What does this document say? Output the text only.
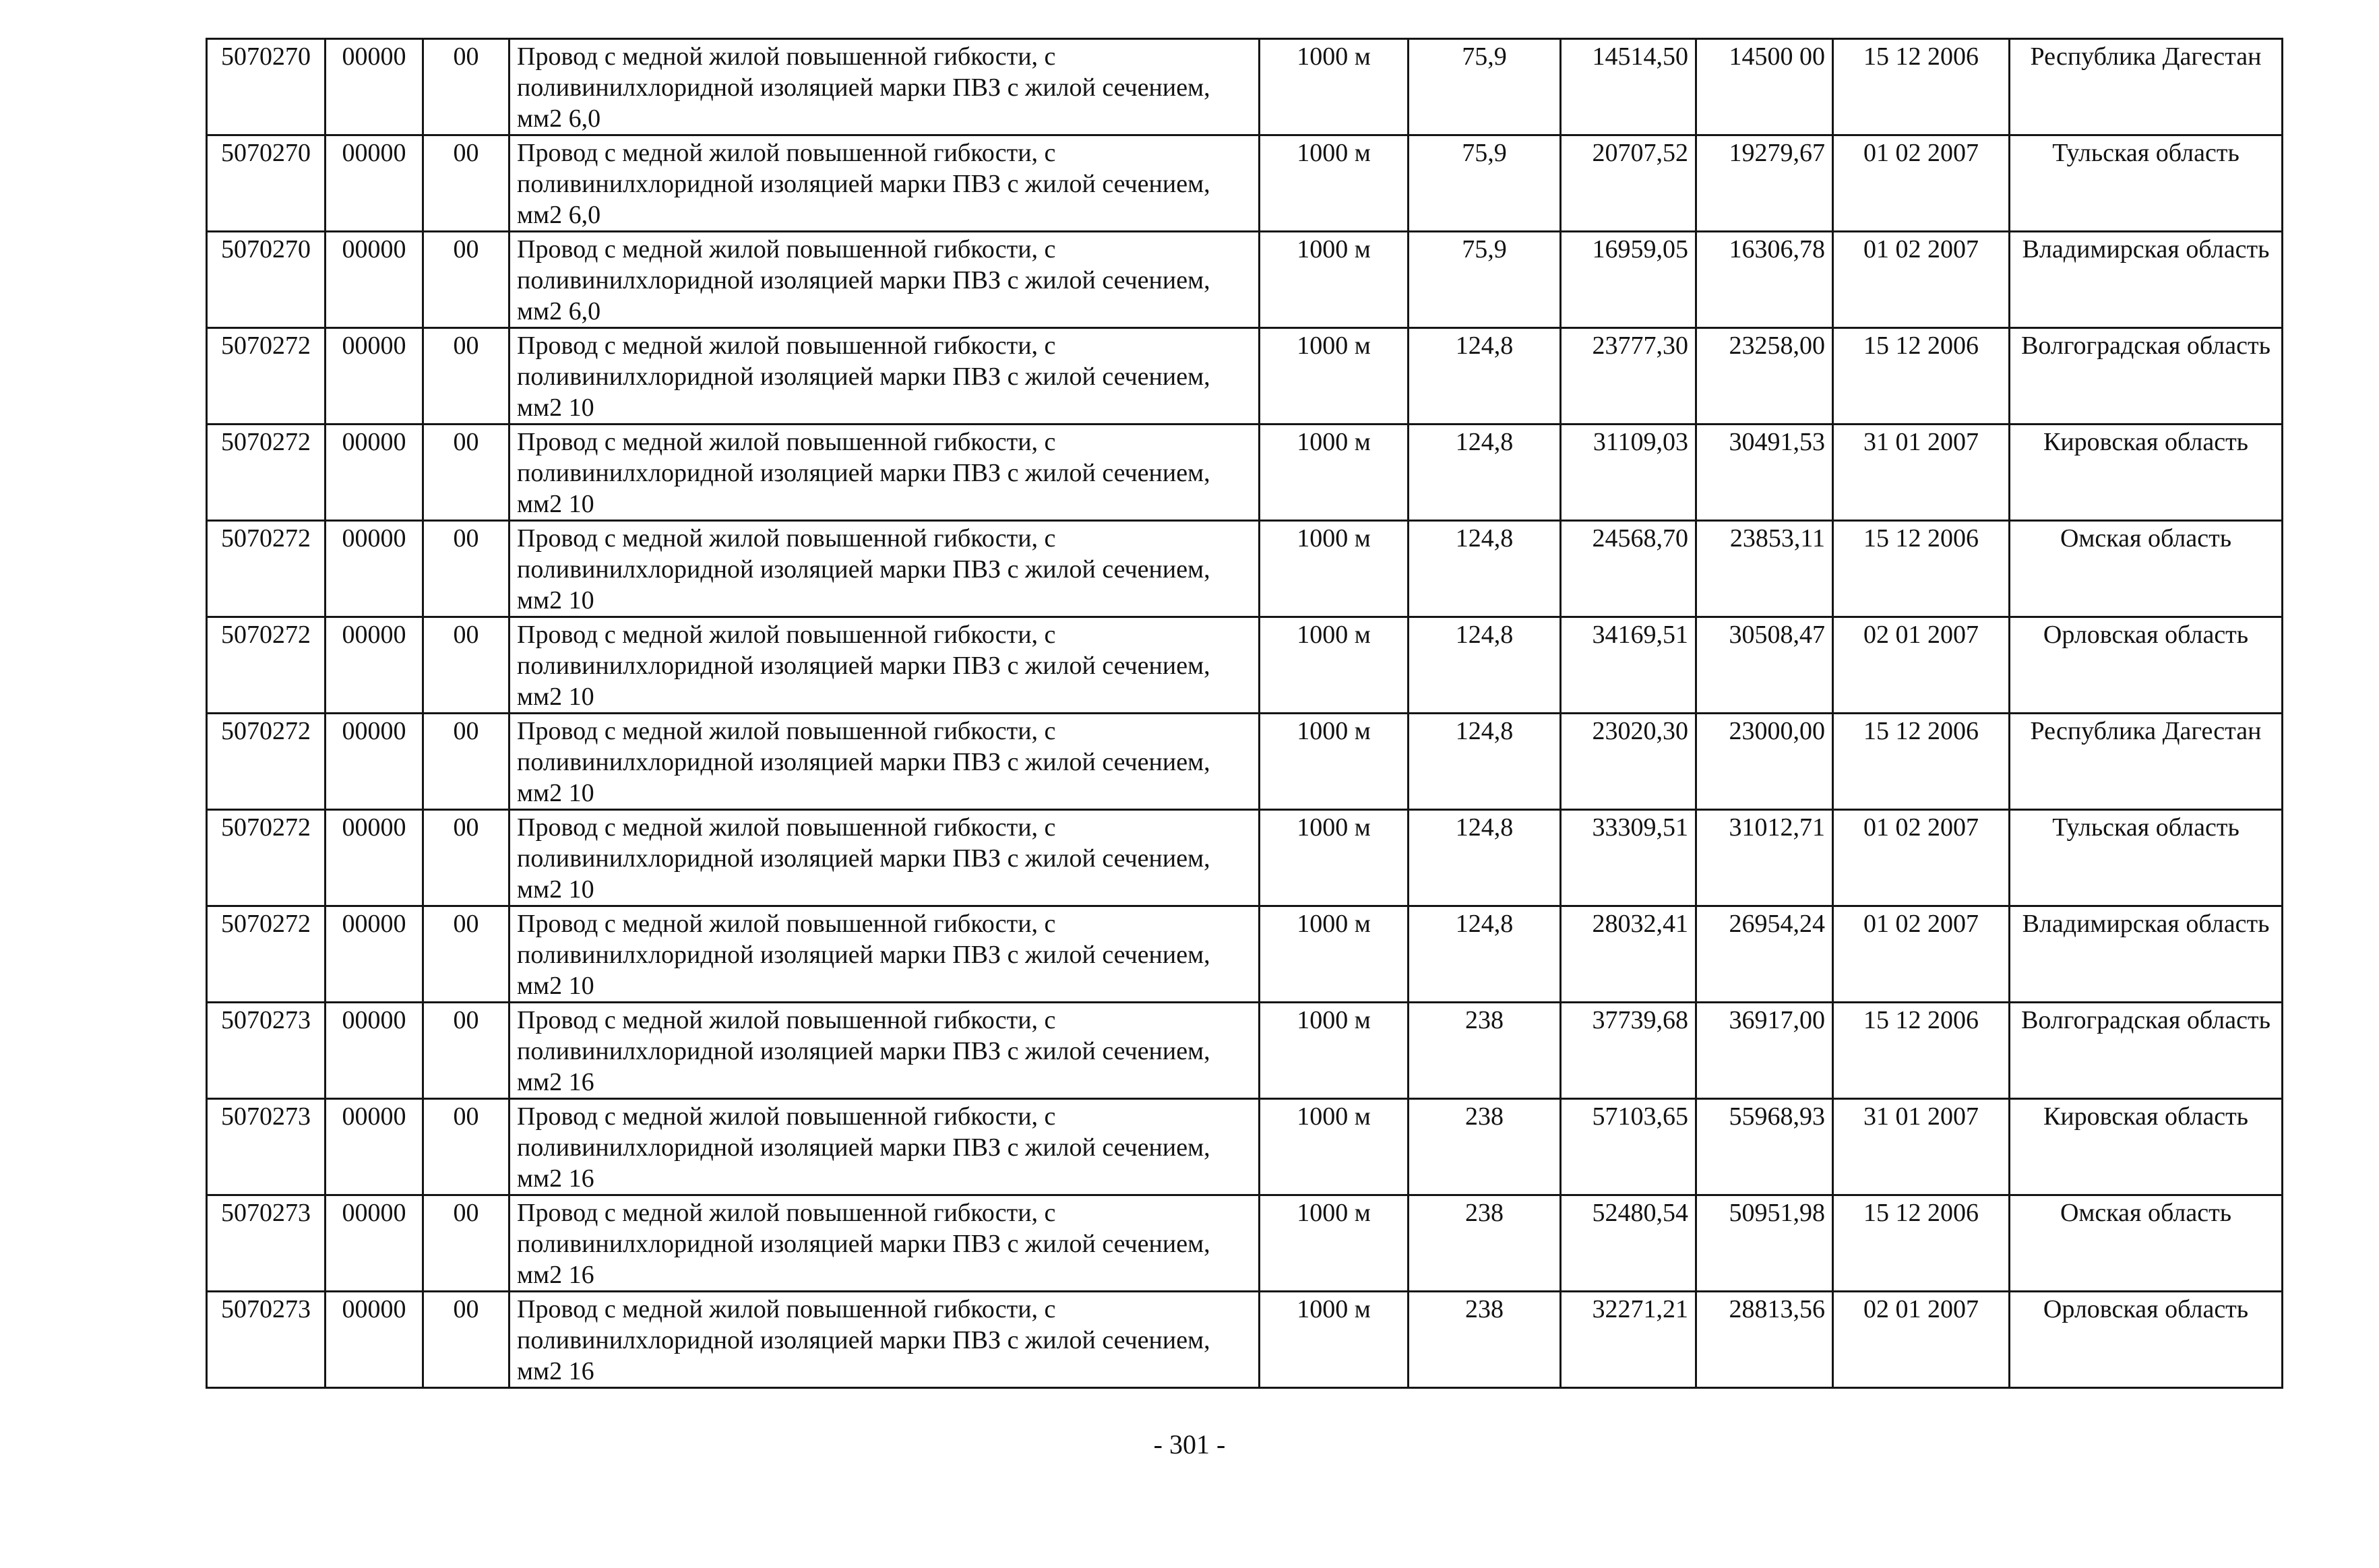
5070270	00000	00	Провод с медной жилой повышенной гибкости, с поливинилхлоридной изоляцией марки ПВЗ с жилой сечением, мм2 6,0	1000 м	75,9	14514,50	14500 00	15 12 2006	Республика Дагестан
5070270	00000	00	Провод с медной жилой повышенной гибкости, с поливинилхлоридной изоляцией марки ПВЗ с жилой сечением, мм2 6,0	1000 м	75,9	20707,52	19279,67	01 02 2007	Тульская область
5070270	00000	00	Провод с медной жилой повышенной гибкости, с поливинилхлоридной изоляцией марки ПВЗ с жилой сечением, мм2 6,0	1000 м	75,9	16959,05	16306,78	01 02 2007	Владимирская область
5070272	00000	00	Провод с медной жилой повышенной гибкости, с поливинилхлоридной изоляцией марки ПВЗ с жилой сечением, мм2 10	1000 м	124,8	23777,30	23258,00	15 12 2006	Волгоградская область
5070272	00000	00	Провод с медной жилой повышенной гибкости, с поливинилхлоридной изоляцией марки ПВЗ с жилой сечением, мм2 10	1000 м	124,8	31109,03	30491,53	31 01 2007	Кировская область
5070272	00000	00	Провод с медной жилой повышенной гибкости, с поливинилхлоридной изоляцией марки ПВЗ с жилой сечением, мм2 10	1000 м	124,8	24568,70	23853,11	15 12 2006	Омская область
5070272	00000	00	Провод с медной жилой повышенной гибкости, с поливинилхлоридной изоляцией марки ПВЗ с жилой сечением, мм2 10	1000 м	124,8	34169,51	30508,47	02 01 2007	Орловская область
5070272	00000	00	Провод с медной жилой повышенной гибкости, с поливинилхлоридной изоляцией марки ПВЗ с жилой сечением, мм2 10	1000 м	124,8	23020,30	23000,00	15 12 2006	Республика Дагестан
5070272	00000	00	Провод с медной жилой повышенной гибкости, с поливинилхлоридной изоляцией марки ПВЗ с жилой сечением, мм2 10	1000 м	124,8	33309,51	31012,71	01 02 2007	Тульская область
5070272	00000	00	Провод с медной жилой повышенной гибкости, с поливинилхлоридной изоляцией марки ПВЗ с жилой сечением, мм2 10	1000 м	124,8	28032,41	26954,24	01 02 2007	Владимирская область
5070273	00000	00	Провод с медной жилой повышенной гибкости, с поливинилхлоридной изоляцией марки ПВЗ с жилой сечением, мм2 16	1000 м	238	37739,68	36917,00	15 12 2006	Волгоградская область
5070273	00000	00	Провод с медной жилой повышенной гибкости, с поливинилхлоридной изоляцией марки ПВЗ с жилой сечением, мм2 16	1000 м	238	57103,65	55968,93	31 01 2007	Кировская область
5070273	00000	00	Провод с медной жилой повышенной гибкости, с поливинилхлоридной изоляцией марки ПВЗ с жилой сечением, мм2 16	1000 м	238	52480,54	50951,98	15 12 2006	Омская область
5070273	00000	00	Провод с медной жилой повышенной гибкости, с поливинилхлоридной изоляцией марки ПВЗ с жилой сечением, мм2 16	1000 м	238	32271,21	28813,56	02 01 2007	Орловская область
- 301 -
